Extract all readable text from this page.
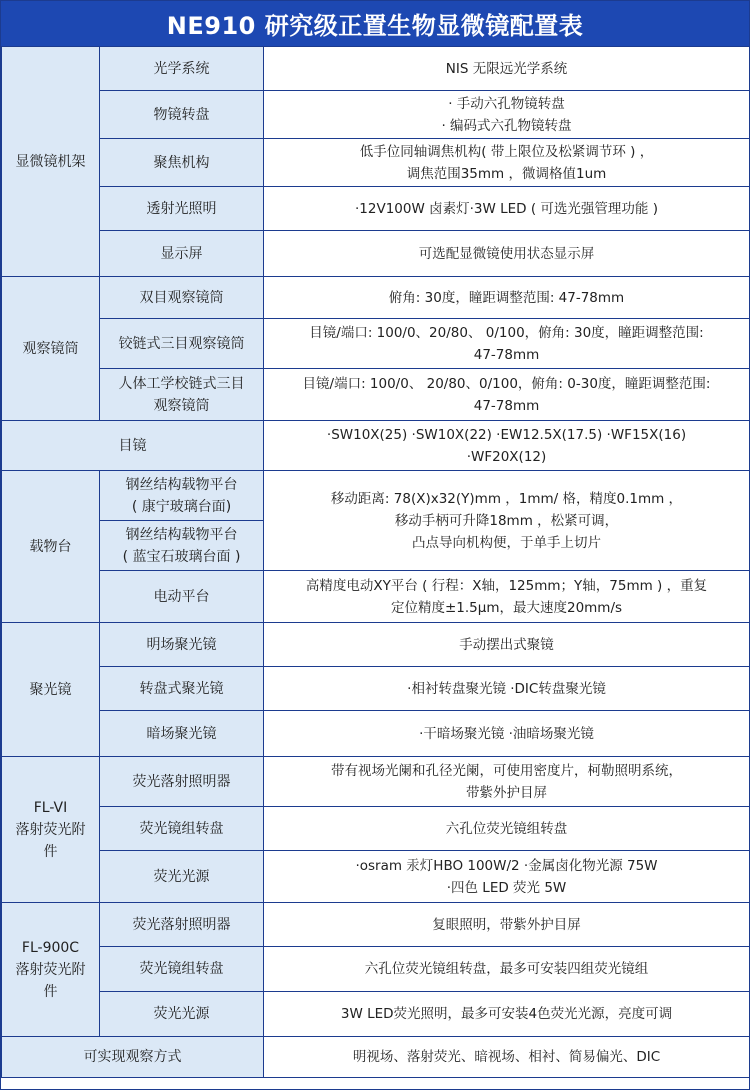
NE910 研究级正置生物显微镜配置表
显微镜机架	光学系统	NIS 无限远光学系统

	物镜转盘	· 手动六孔物镜转盘
· 编码式六孔物镜转盘

	聚焦机构	低手位同轴调焦机构( 带上限位及松紧调节环 ) ，
调焦范围35mm ，微调格值1um

	透射光照明	·12V100W 卤素灯·3W LED ( 可选光强管理功能 )

	显示屏	可选配显微镜使用状态显示屏

观察镜筒	双目观察镜筒	俯角: 30度，瞳距调整范围: 47-78mm

	铰链式三目观察镜筒	目镜/端口: 100/0、20/80、 0/100，俯角: 30度，瞳距调整范围:
47-78mm

	人体工学校链式三目
观察镜筒	目镜/端口: 100/0、 20/80、0/100，俯角: 0-30度，瞳距调整范围:
47-78mm

目镜		·SW10X(25) ·SW10X(22) ·EW12.5X(17.5) ·WF15X(16)
·WF20X(12)

载物台	钢丝结构载物平台
( 康宁玻璃台面)	移动距离: 78(X)x32(Y)mm ，1mm/ 格，精度0.1mm ，
移动手柄可升降18mm ，松紧可调，
凸点导向机构便，于单手上切片

	钢丝结构载物平台
( 蓝宝石玻璃台面 )	

	电动平台	高精度电动XY平台 ( 行程：X轴，125mm；Y轴，75mm ) ，重复
定位精度±1.5μm，最大速度20mm/s

聚光镜	明场聚光镜	手动摆出式聚镜

	转盘式聚光镜	·相衬转盘聚光镜 ·DIC转盘聚光镜

	暗场聚光镜	·干暗场聚光镜 ·油暗场聚光镜

FL-VI
落射荧光附
件	荧光落射照明器	带有视场光阑和孔径光阑，可使用密度片，柯勒照明系统，
带紫外护目屏

	荧光镜组转盘	六孔位荧光镜组转盘

	荧光光源	·osram 汞灯HBO 100W/2 ·金属卤化物光源 75W
·四色 LED 荧光 5W

FL-900C
落射荧光附
件	荧光落射照明器	复眼照明，带紫外护目屏

	荧光镜组转盘	六孔位荧光镜组转盘，最多可安装四组荧光镜组

	荧光光源	3W LED荧光照明，最多可安装4色荧光光源，亮度可调

可实现观察方式		明视场、落射荧光、暗视场、相衬、简易偏光、DIC
